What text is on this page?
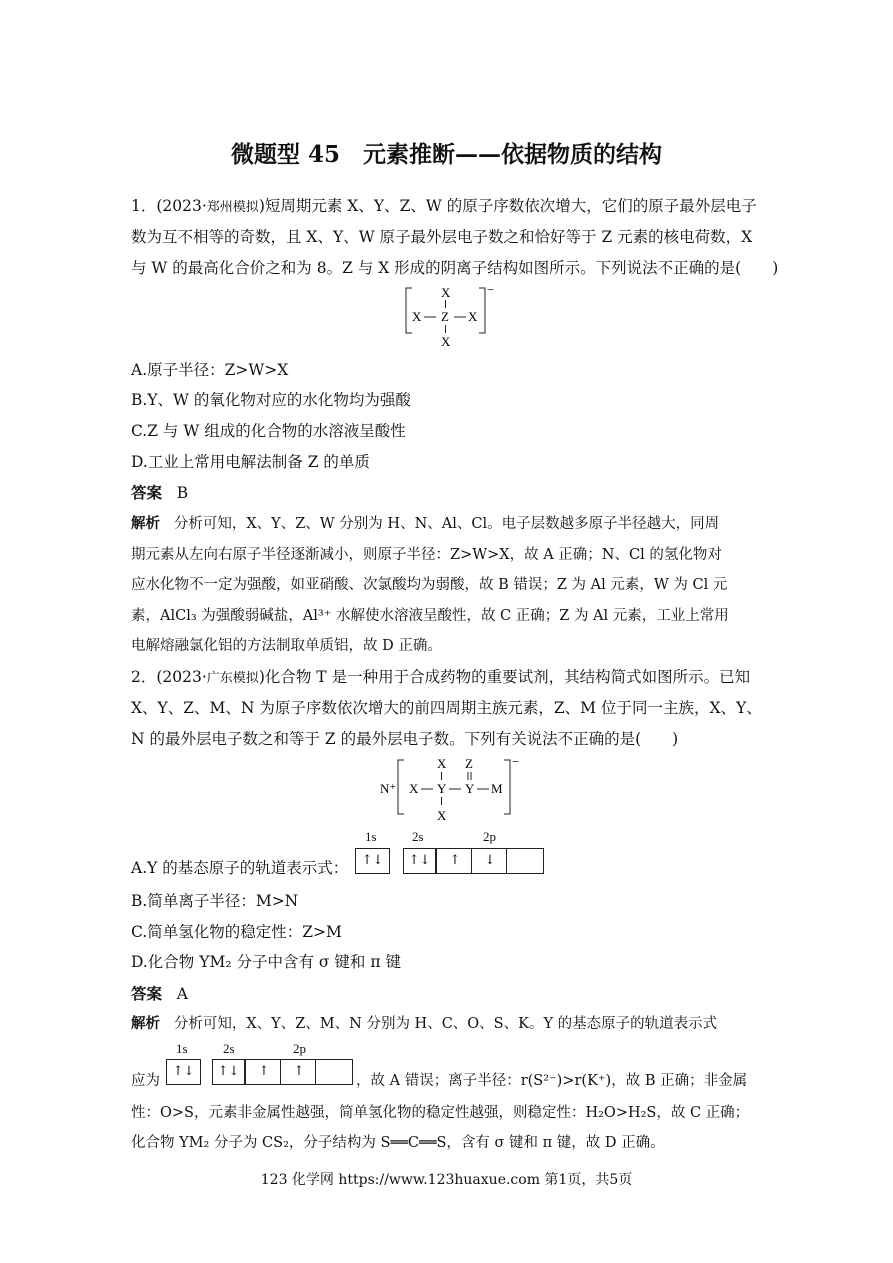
微题型 45　元素推断——依据物质的结构
1．(2023·郑州模拟)短周期元素 X、Y、Z、W 的原子序数依次增大，它们的原子最外层电子
数为互不相等的奇数，且 X、Y、W 原子最外层电子数之和恰好等于 Z 元素的核电荷数，X
与 W 的最高化合价之和为 8。Z 与 X 形成的阴离子结构如图所示。下列说法不正确的是(　　)
−
X
X Z X
X
A.原子半径：Z>W>X
B.Y、W 的氧化物对应的水化物均为强酸
C.Z 与 W 组成的化合物的水溶液呈酸性
D.工业上常用电解法制备 Z 的单质
答案 B
解析 分析可知，X、Y、Z、W 分别为 H、N、Al、Cl。电子层数越多原子半径越大，同周
期元素从左向右原子半径逐渐减小，则原子半径：Z>W>X，故 A 正确；N、Cl 的氢化物对
应水化物不一定为强酸，如亚硝酸、次氯酸均为弱酸，故 B 错误；Z 为 Al 元素，W 为 Cl 元
素，AlCl₃ 为强酸弱碱盐，Al³⁺ 水解使水溶液呈酸性，故 C 正确；Z 为 Al 元素，工业上常用
电解熔融氯化铝的方法制取单质铝，故 D 正确。
2．(2023·广东模拟)化合物 T 是一种用于合成药物的重要试剂，其结构简式如图所示。已知
X、Y、Z、M、N 为原子序数依次增大的前四周期主族元素，Z、M 位于同一主族，X、Y、
N 的最外层电子数之和等于 Z 的最外层电子数。下列有关说法不正确的是(　　)
N⁺
−
X
X
Y
X
Z
Y M
A.Y 的基态原子的轨道表示式：
1s	2s	2p
↑↓	↑↓	↑	↓
B.简单离子半径：M>N
C.简单氢化物的稳定性：Z>M
D.化合物 YM₂ 分子中含有 σ 键和 π 键
答案 A
解析 分析可知，X、Y、Z、M、N 分别为 H、C、O、S、K。Y 的基态原子的轨道表示式
1s	2s	2p
应为
↑↓	↑↓	↑	↑
，故 A 错误；离子半径：r(S²⁻)>r(K⁺)，故 B 正确；非金属
性：O>S，元素非金属性越强，简单氢化物的稳定性越强，则稳定性：H₂O>H₂S，故 C 正确；
化合物 YM₂ 分子为 CS₂，分子结构为 S══C══S，含有 σ 键和 π 键，故 D 正确。
123 化学网 https://www.123huaxue.com 第1页，共5页
